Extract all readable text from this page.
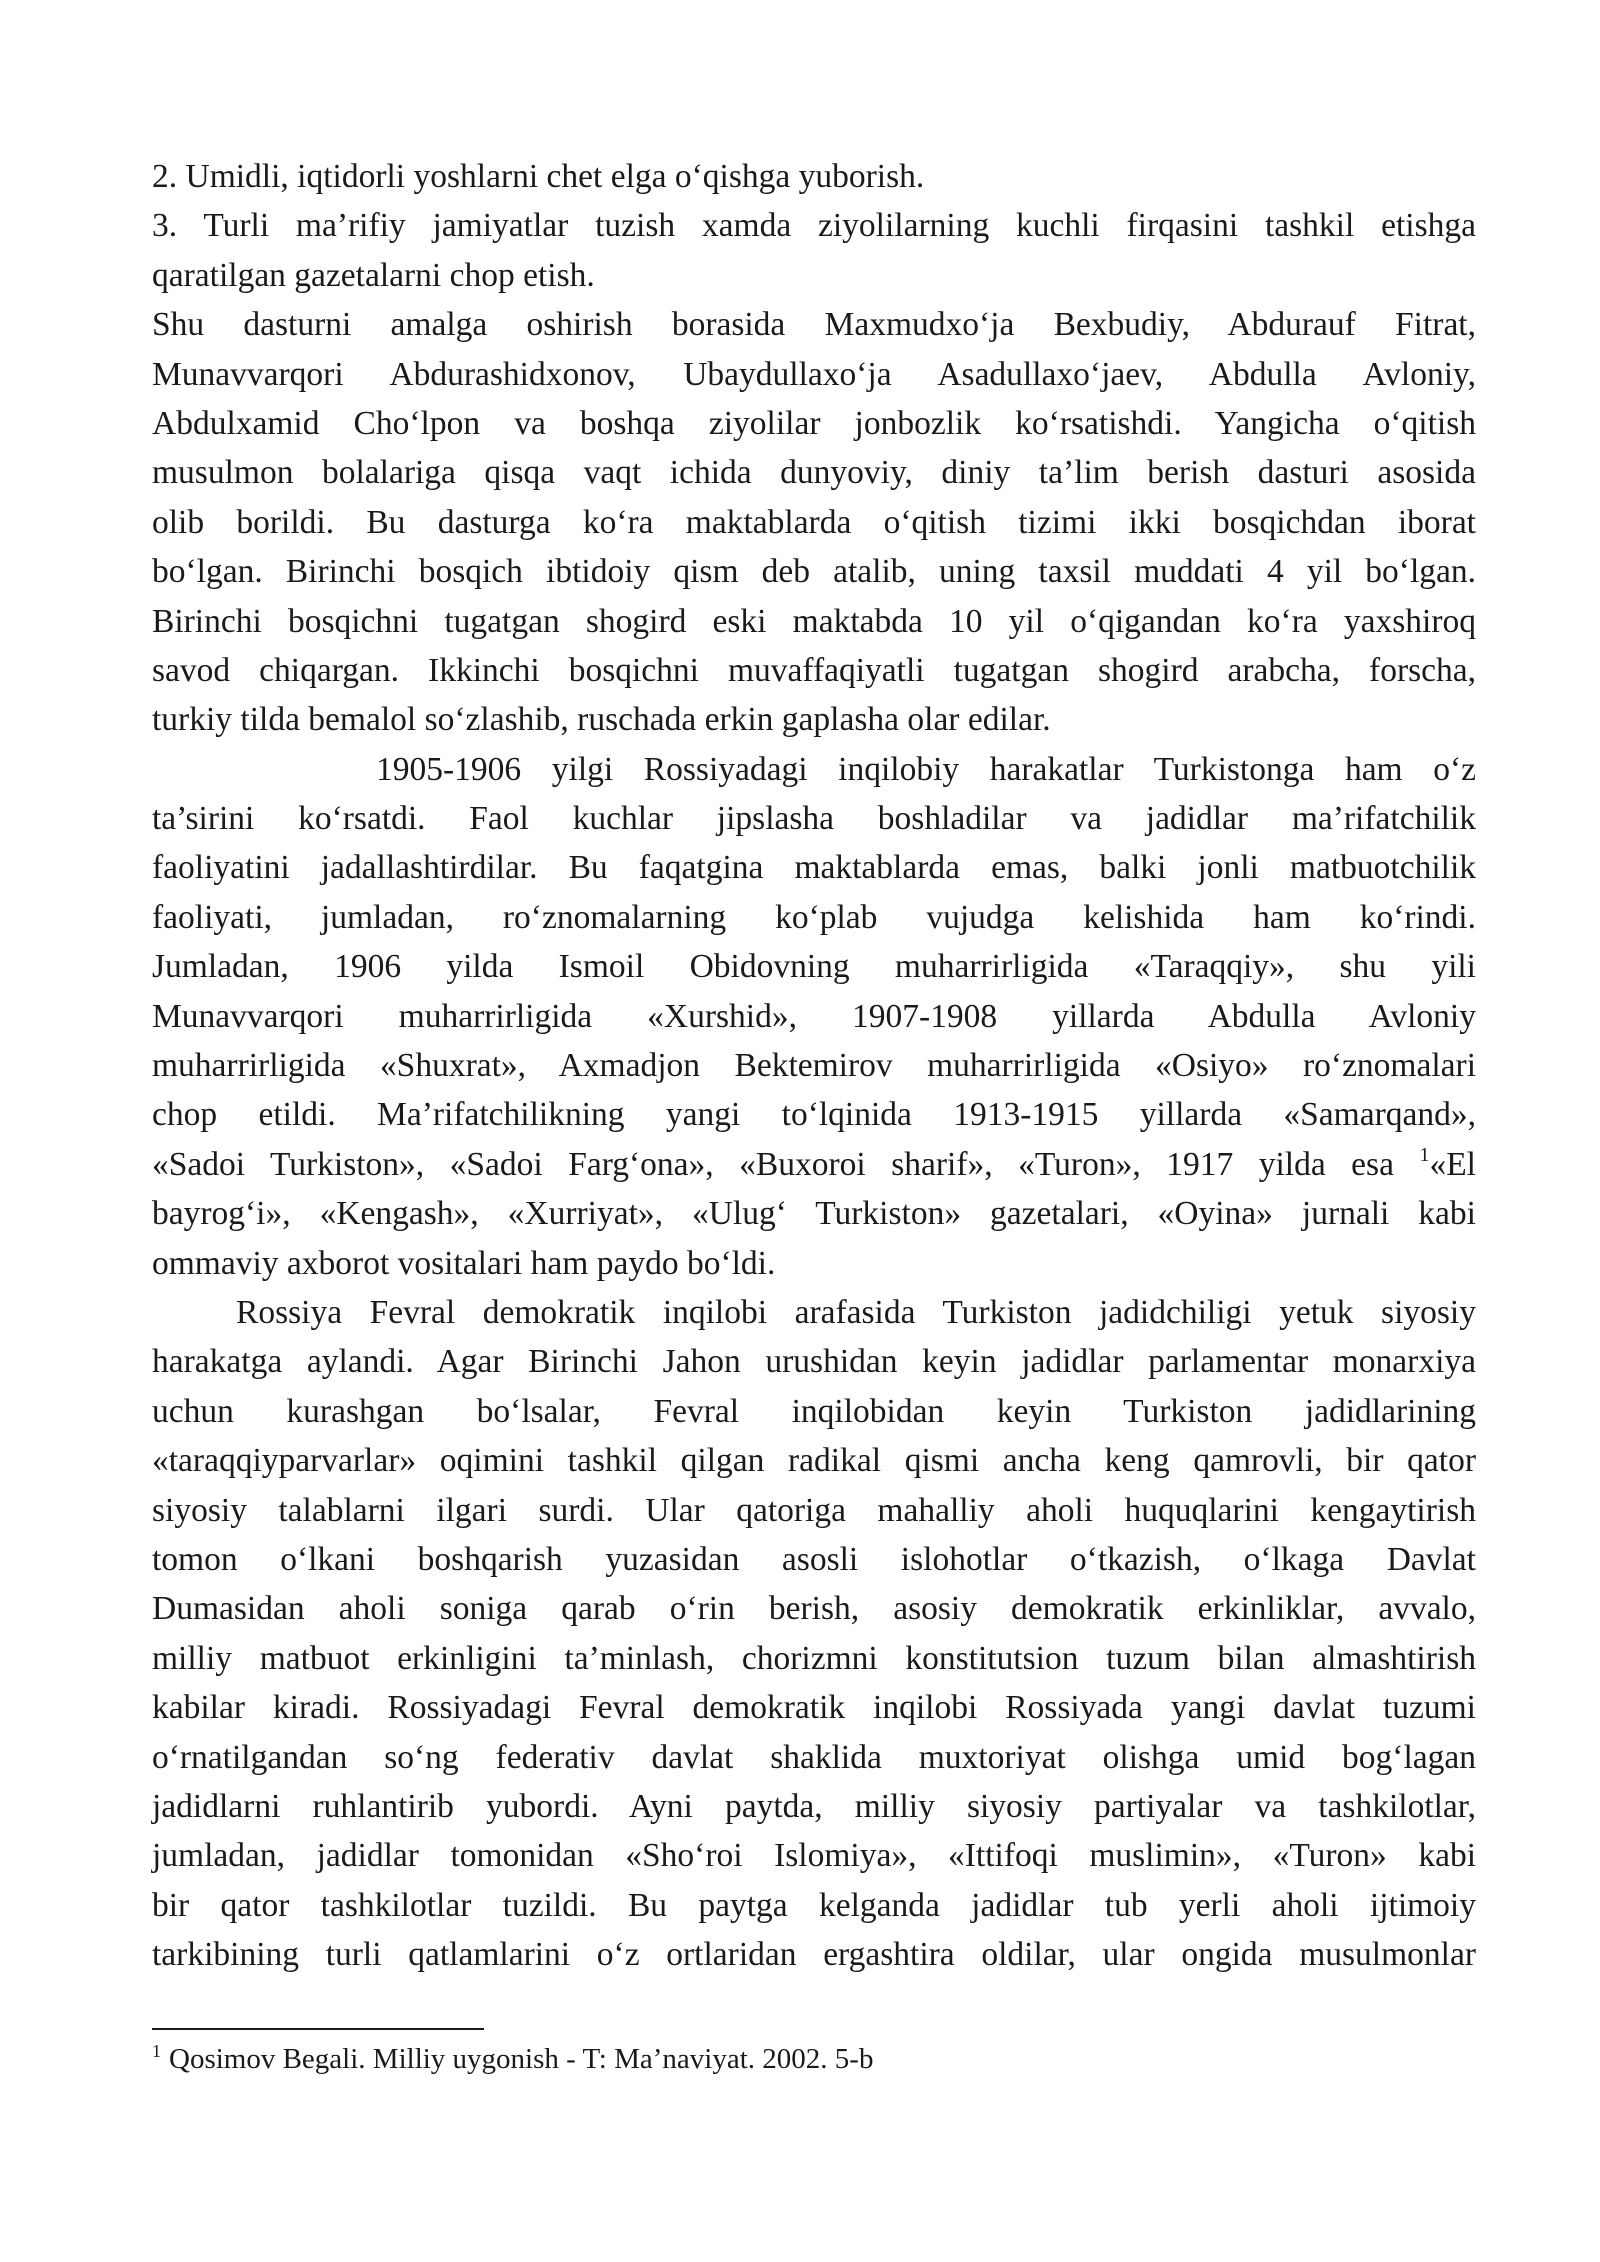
2. Umidli, iqtidorli yoshlarni chet elga o‘qishga yuborish.
3. Turli ma’rifiy jamiyatlar tuzish xamda ziyolilarning kuchli firqasini tashkil etishga
qaratilgan gazetalarni chop etish.
Shu dasturni amalga oshirish borasida Maxmudxo‘ja Bexbudiy, Abdurauf Fitrat,
Munavvarqori Abdurashidxonov, Ubaydullaxo‘ja Asadullaxo‘jaev, Abdulla Avloniy,
Abdulxamid Cho‘lpon va boshqa ziyolilar jonbozlik ko‘rsatishdi. Yangicha o‘qitish
musulmon bolalariga qisqa vaqt ichida dunyoviy, diniy ta’lim berish dasturi asosida
olib borildi. Bu dasturga ko‘ra maktablarda o‘qitish tizimi ikki bosqichdan iborat
bo‘lgan. Birinchi bosqich ibtidoiy qism deb atalib, uning taxsil muddati 4 yil bo‘lgan.
Birinchi bosqichni tugatgan shogird eski maktabda 10 yil o‘qigandan ko‘ra yaxshiroq
savod chiqargan. Ikkinchi bosqichni muvaffaqiyatli tugatgan shogird arabcha, forscha,
turkiy tilda bemalol so‘zlashib, ruschada erkin gaplasha olar edilar.
1905-1906 yilgi Rossiyadagi inqilobiy harakatlar Turkistonga ham o‘z
ta’sirini ko‘rsatdi. Faol kuchlar jipslasha boshladilar va jadidlar ma’rifatchilik
faoliyatini jadallashtirdilar. Bu faqatgina maktablarda emas, balki jonli matbuotchilik
faoliyati, jumladan, ro‘znomalarning ko‘plab vujudga kelishida ham ko‘rindi.
Jumladan, 1906 yilda Ismoil Obidovning muharrirligida «Taraqqiy», shu yili
Munavvarqori muharrirligida «Xurshid», 1907-1908 yillarda Abdulla Avloniy
muharrirligida «Shuxrat», Axmadjon Bektemirov muharrirligida «Osiyo» ro‘znomalari
chop etildi. Ma’rifatchilikning yangi to‘lqinida 1913-1915 yillarda «Samarqand»,
«Sadoi Turkiston», «Sadoi Farg‘ona», «Buxoroi sharif», «Turon», 1917 yilda esa $^1$«El
bayrog‘i», «Kengash», «Xurriyat», «Ulug‘ Turkiston» gazetalari, «Oyina» jurnali kabi
ommaviy axborot vositalari ham paydo bo‘ldi.
Rossiya Fevral demokratik inqilobi arafasida Turkiston jadidchiligi yetuk siyosiy
harakatga aylandi. Agar Birinchi Jahon urushidan keyin jadidlar parlamentar monarxiya
uchun kurashgan bo‘lsalar, Fevral inqilobidan keyin Turkiston jadidlarining
«taraqqiyparvarlar» oqimini tashkil qilgan radikal qismi ancha keng qamrovli, bir qator
siyosiy talablarni ilgari surdi. Ular qatoriga mahalliy aholi huquqlarini kengaytirish
tomon o‘lkani boshqarish yuzasidan asosli islohotlar o‘tkazish, o‘lkaga Davlat
Dumasidan aholi soniga qarab o‘rin berish, asosiy demokratik erkinliklar, avvalo,
milliy matbuot erkinligini ta’minlash, chorizmni konstitutsion tuzum bilan almashtirish
kabilar kiradi. Rossiyadagi Fevral demokratik inqilobi Rossiyada yangi davlat tuzumi
o‘rnatilgandan so‘ng federativ davlat shaklida muxtoriyat olishga umid bog‘lagan
jadidlarni ruhlantirib yubordi. Ayni paytda, milliy siyosiy partiyalar va tashkilotlar,
jumladan, jadidlar tomonidan «Sho‘roi Islomiya», «Ittifoqi muslimin», «Turon» kabi
bir qator tashkilotlar tuzildi. Bu paytga kelganda jadidlar tub yerli aholi ijtimoiy
tarkibining turli qatlamlarini o‘z ortlaridan ergashtira oldilar, ular ongida musulmonlar
$^1$ Qosimov Begali. Milliy uygonish - T: Ma’naviyat. 2002. 5-b
